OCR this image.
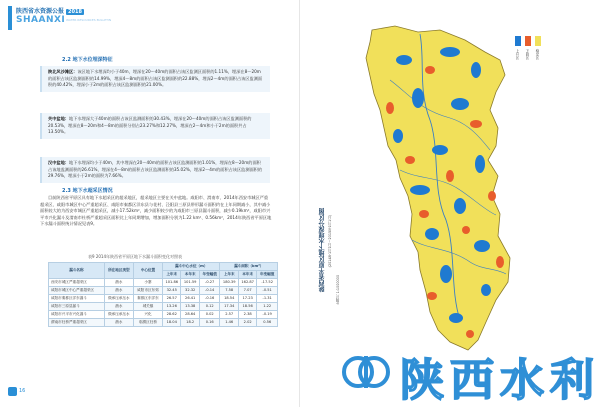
陕西省水资源公报 2018
SHAANXI WATER RESOURCES BULLETIN
2.2 地下水位埋深特征

陕北风沙滩区：该区地下水埋深均小于40m，埋深在20～40m的面积占该区监测区面积的1.11%，埋深在8～20m的面积占该区监测面积的14.99%，埋深4～8m的面积占该区监测面积的22.88%，埋深2～4m的面积占该区监测面积的40.42%，埋深小于2m的面积占该区监测面积的21.00%。

关中盆地：地下水埋深大于40m的面积占该区监测面积的30.43%，埋深在20～40m的面积占该区监测面积的20.53%，埋深在8～20m和4～8m的面积分别占23.27%和12.27%，埋深在2～4m和小于2m的面积共占13.50%。

汉中盆地：地下水埋深均小于40m，其中埋深在20～40m的面积占该区监测面积的1.01%，埋深在8～20m的面积占该地监测面积的26.61%，埋深在4～8m的面积占该区监测面积的35.02%，埋深2～4m的面积占该区监测面积的29.76%，埋深小于2m的面积为7.66%。

2.3 地下水超采区情况
目前陕西省平原区具有地下水超采区的超采地区，超采地区主要在关中盆地。咸阳市、渭南市、2014年西安市城区严重超采区、咸阳市城区中心严重超采区、咸阳市秦都区洋东县与花村、泾阳县三原县带形漏斗面积约在上年同期减小，其中减小面积较大的为西安市城区严重超采区，减小17.52km²，减少面积较少的为咸阳市三原县漏斗面积，减少0.19km²，咸阳市兴平市兴化漏斗及渭南市杜桥严重超采区面积比上年同期增加，增加面积分别为1.22 km²、0.56km²，2014年陕西省平原区地下水漏斗面积统计情况见表9。
表9 2014年陕西省平原区地下水漏斗面积变化对照表
漏斗名称	所在地区类型	中心位置	漏斗中心水位（m）			漏斗面积（km²）		
			上年末	本年末	年变幅值	上年末	本年末	年变幅值
西安市城区严重超采区	潜水	小寨	101.86	101.59	-0.27	180.39	162.87	-17.52
咸阳市城区中心严重超采区	潜水	咸阳市区东郊	32.45	32.32	-0.14	7.58	7.07	-0.51
咸阳市秦都区洋东漏斗	微承压承压水	秦都区东洋东	26.57	26.41	-0.16	18.54	17.23	-1.31
咸阳市三原县漏斗	潜水	城关镇	13.26	13.38	0.12	17.34	18.56	1.22
咸阳市兴平市兴化漏斗	微承压承压水	兴化	28.62	28.64	0.02	2.57	2.38	-0.19
渭南市杜桥严重超采区	潜水	临渭区杜桥	18.04	18.2	0.16	1.46	2.02	0.56
16
上升区 下降区 稳定区
陕西省平原区地下水埋深分区图 (2014年1月1日～2015年1月1日)
比例尺 1:1000000
陕西水利
